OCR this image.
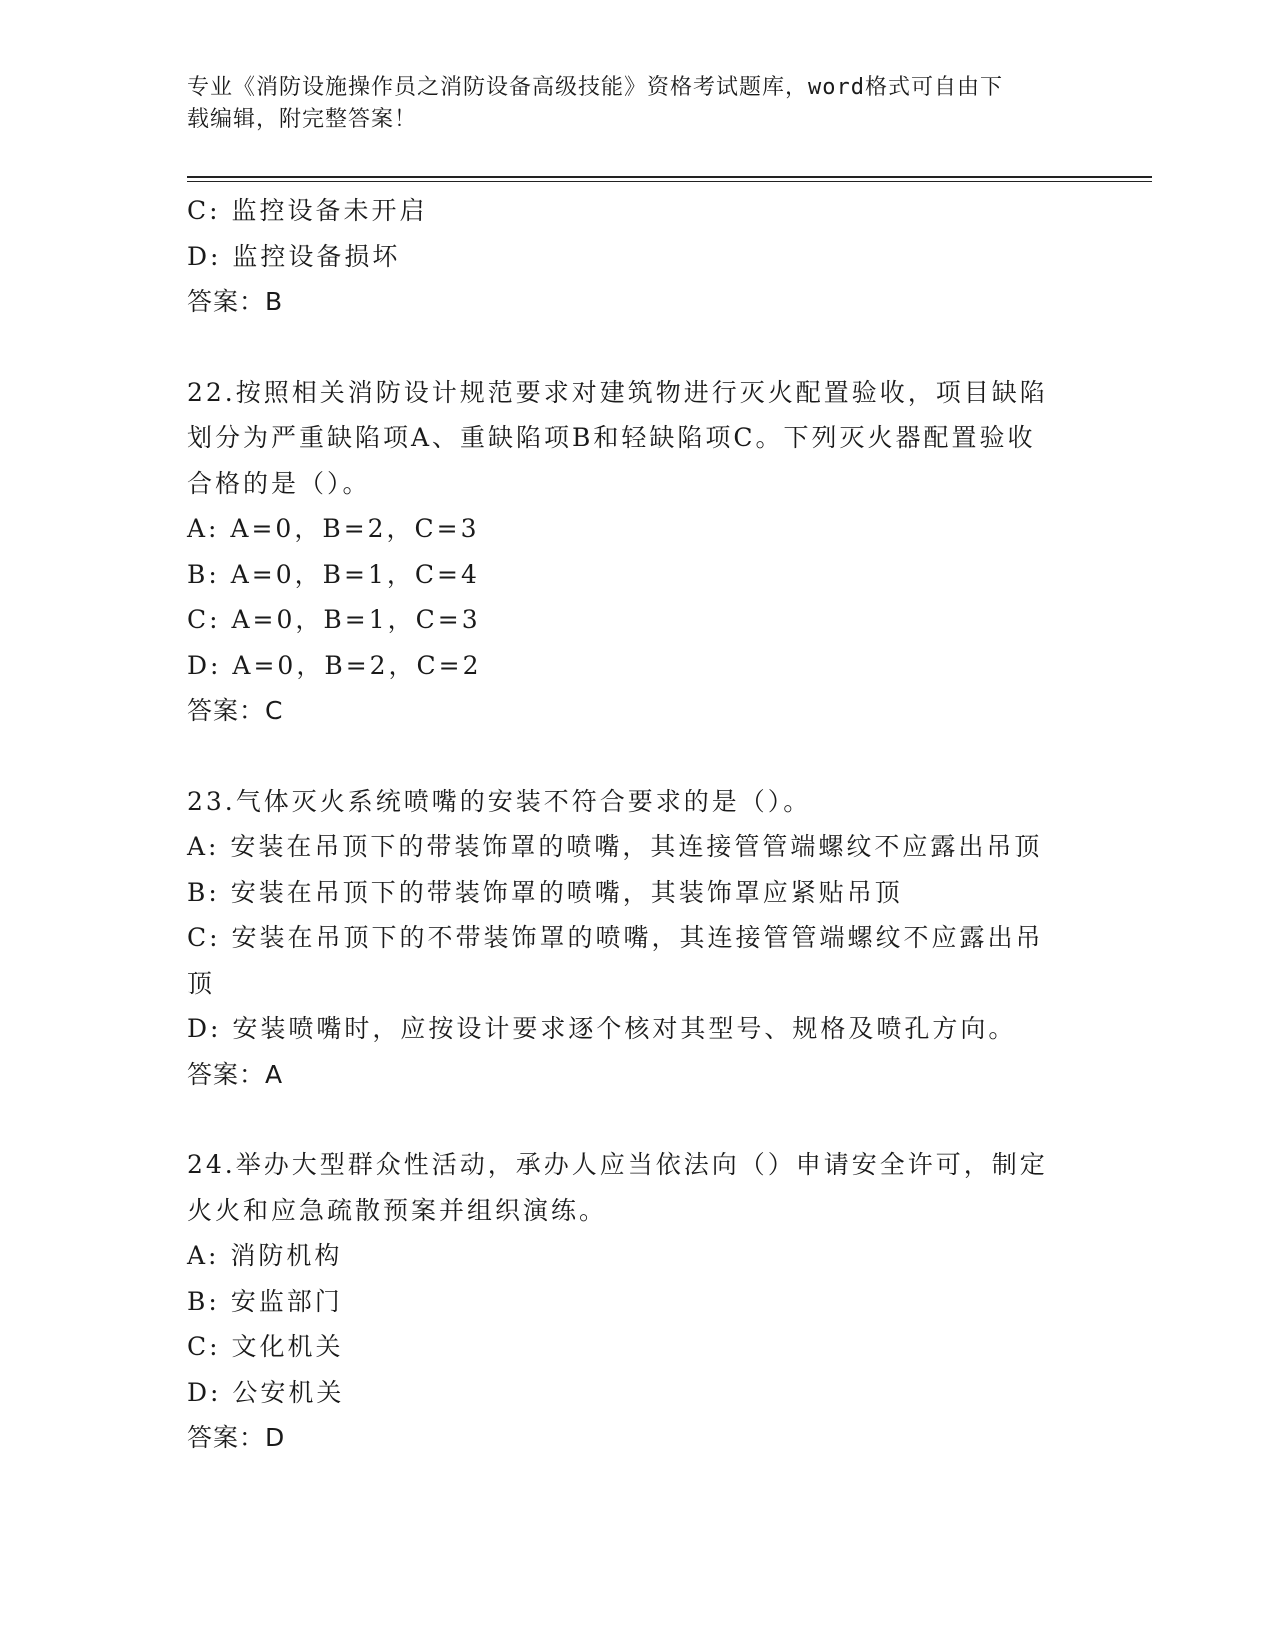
专业《消防设施操作员之消防设备高级技能》资格考试题库，word格式可自由下
载编辑，附完整答案！
C: 监控设备未开启
D: 监控设备损坏
答案：B
22.按照相关消防设计规范要求对建筑物进行灭火配置验收，项目缺陷
划分为严重缺陷项A、重缺陷项B和轻缺陷项C。下列灭火器配置验收
合格的是（）。
A: A=0，B=2，C=3
B: A=0，B=1，C=4
C: A=0，B=1，C=3
D: A=0，B=2，C=2
答案：C
23.气体灭火系统喷嘴的安装不符合要求的是（）。
A: 安装在吊顶下的带装饰罩的喷嘴，其连接管管端螺纹不应露出吊顶
B: 安装在吊顶下的带装饰罩的喷嘴，其装饰罩应紧贴吊顶
C: 安装在吊顶下的不带装饰罩的喷嘴，其连接管管端螺纹不应露出吊
顶
D: 安装喷嘴时，应按设计要求逐个核对其型号、规格及喷孔方向。
答案：A
24.举办大型群众性活动，承办人应当依法向（）申请安全许可，制定
火火和应急疏散预案并组织演练。
A: 消防机构
B: 安监部门
C: 文化机关
D: 公安机关
答案：D
